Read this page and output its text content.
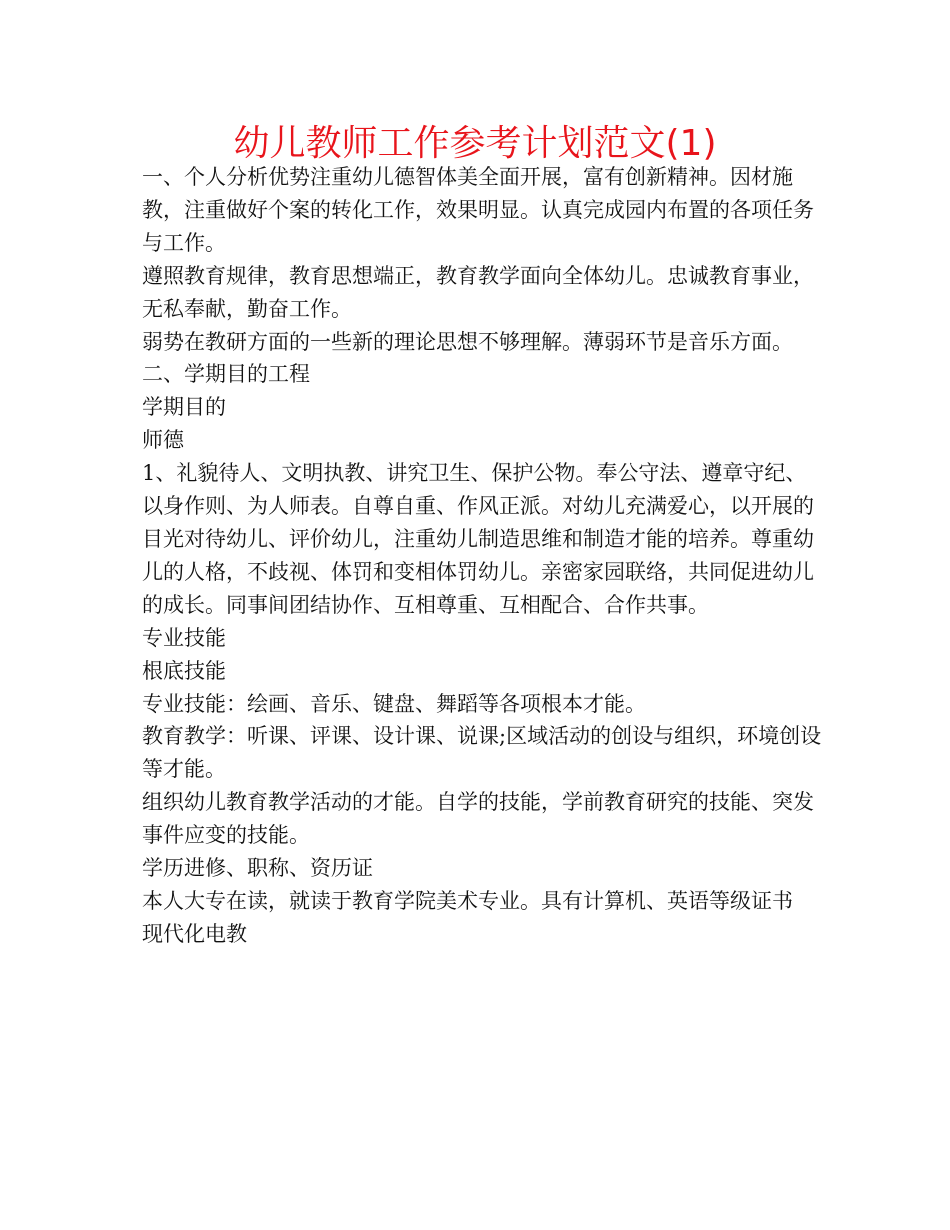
幼儿教师工作参考计划范文(1)

一、个人分析优势注重幼儿德智体美全面开展，富有创新精神。因材施教，注重做好个案的转化工作，效果明显。认真完成园内布置的各项任务与工作。

遵照教育规律，教育思想端正，教育教学面向全体幼儿。忠诚教育事业，无私奉献，勤奋工作。

弱势在教研方面的一些新的理论思想不够理解。薄弱环节是音乐方面。

二、学期目的工程

学期目的

师德

1、礼貌待人、文明执教、讲究卫生、保护公物。奉公守法、遵章守纪、以身作则、为人师表。自尊自重、作风正派。对幼儿充满爱心，以开展的目光对待幼儿、评价幼儿，注重幼儿制造思维和制造才能的培养。尊重幼儿的人格，不歧视、体罚和变相体罚幼儿。亲密家园联络，共同促进幼儿的成长。同事间团结协作、互相尊重、互相配合、合作共事。

专业技能

根底技能

专业技能：绘画、音乐、键盘、舞蹈等各项根本才能。

教育教学：听课、评课、设计课、说课;区域活动的创设与组织，环境创设等才能。

组织幼儿教育教学活动的才能。自学的技能，学前教育研究的技能、突发事件应变的技能。

学历进修、职称、资历证

本人大专在读，就读于教育学院美术专业。具有计算机、英语等级证书

现代化电教
